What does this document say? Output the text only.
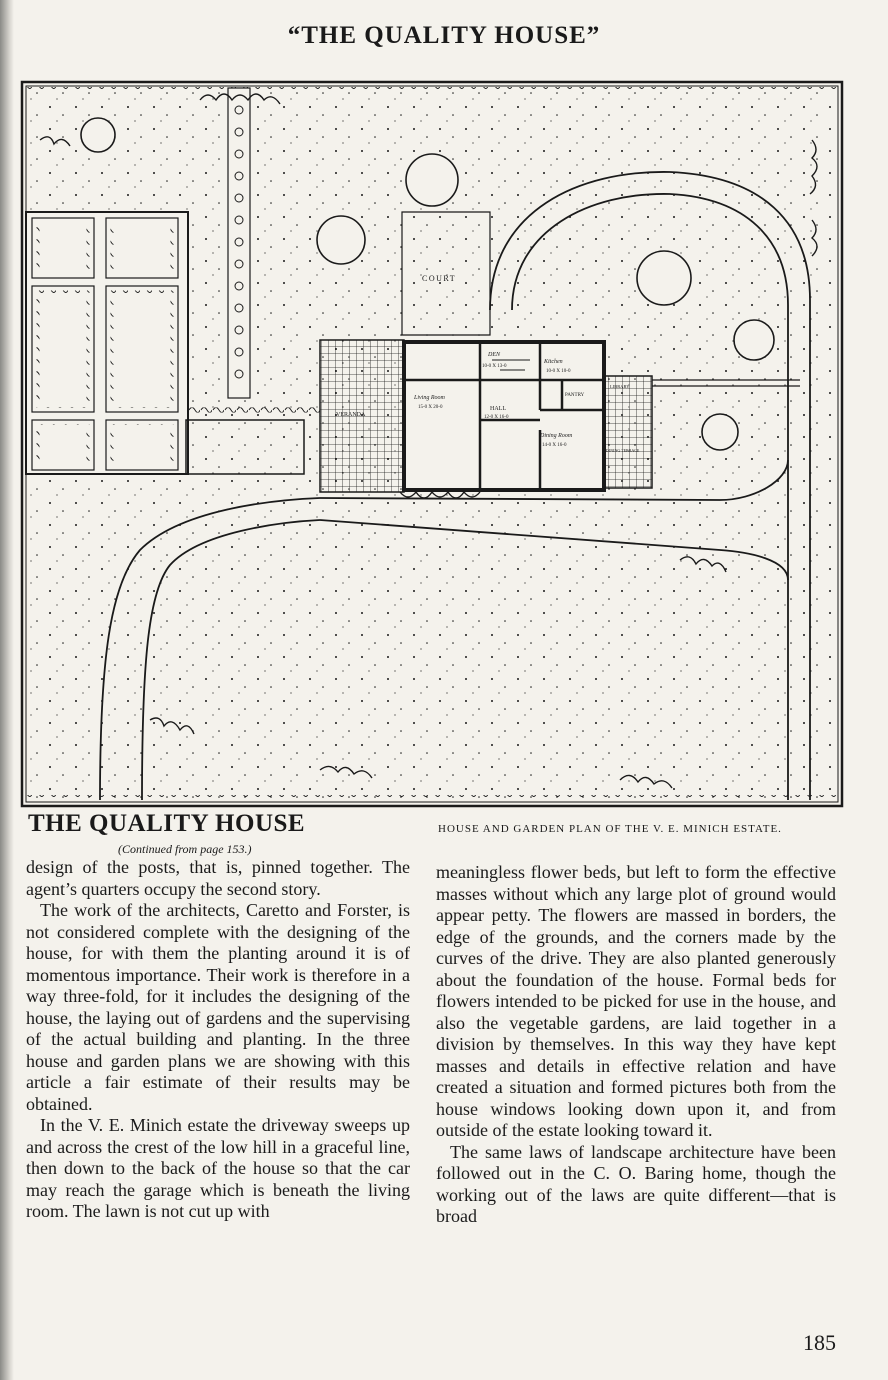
“THE QUALITY HOUSE”
COURT
DEN
10-0 X 13-0
Kitchen
10-0 X 10-0
Living Room
15-0 X 20-0	HALL
12-0 X 16-0
PANTRY
LIBRARY
Dining Room
14-0 X 16-0
DINING TERRACE
VERANDA
THE QUALITY HOUSE
(Continued from page 153.)
HOUSE AND GARDEN PLAN OF THE V. E. MINICH ESTATE.

design of the posts, that is, pinned together. The agent’s quarters occupy the second story.

The work of the architects, Caretto and Forster, is not considered complete with the designing of the house, for with them the planting around it is of momentous importance. Their work is therefore in a way three-fold, for it includes the designing of the house, the laying out of gardens and the supervising of the actual building and planting. In the three house and garden plans we are showing with this article a fair estimate of their results may be obtained.

In the V. E. Minich estate the driveway sweeps up and across the crest of the low hill in a graceful line, then down to the back of the house so that the car may reach the garage which is beneath the living room. The lawn is not cut up with

meaningless flower beds, but left to form the effective masses without which any large plot of ground would appear petty. The flowers are massed in borders, the edge of the grounds, and the corners made by the curves of the drive. They are also planted generously about the foundation of the house. Formal beds for flowers intended to be picked for use in the house, and also the vegetable gardens, are laid together in a division by themselves. In this way they have kept masses and details in effective relation and have created a situation and formed pictures both from the house windows looking down upon it, and from outside of the estate looking toward it.

The same laws of landscape architecture have been followed out in the C. O. Baring home, though the working out of the laws are quite different—that is broad

185
